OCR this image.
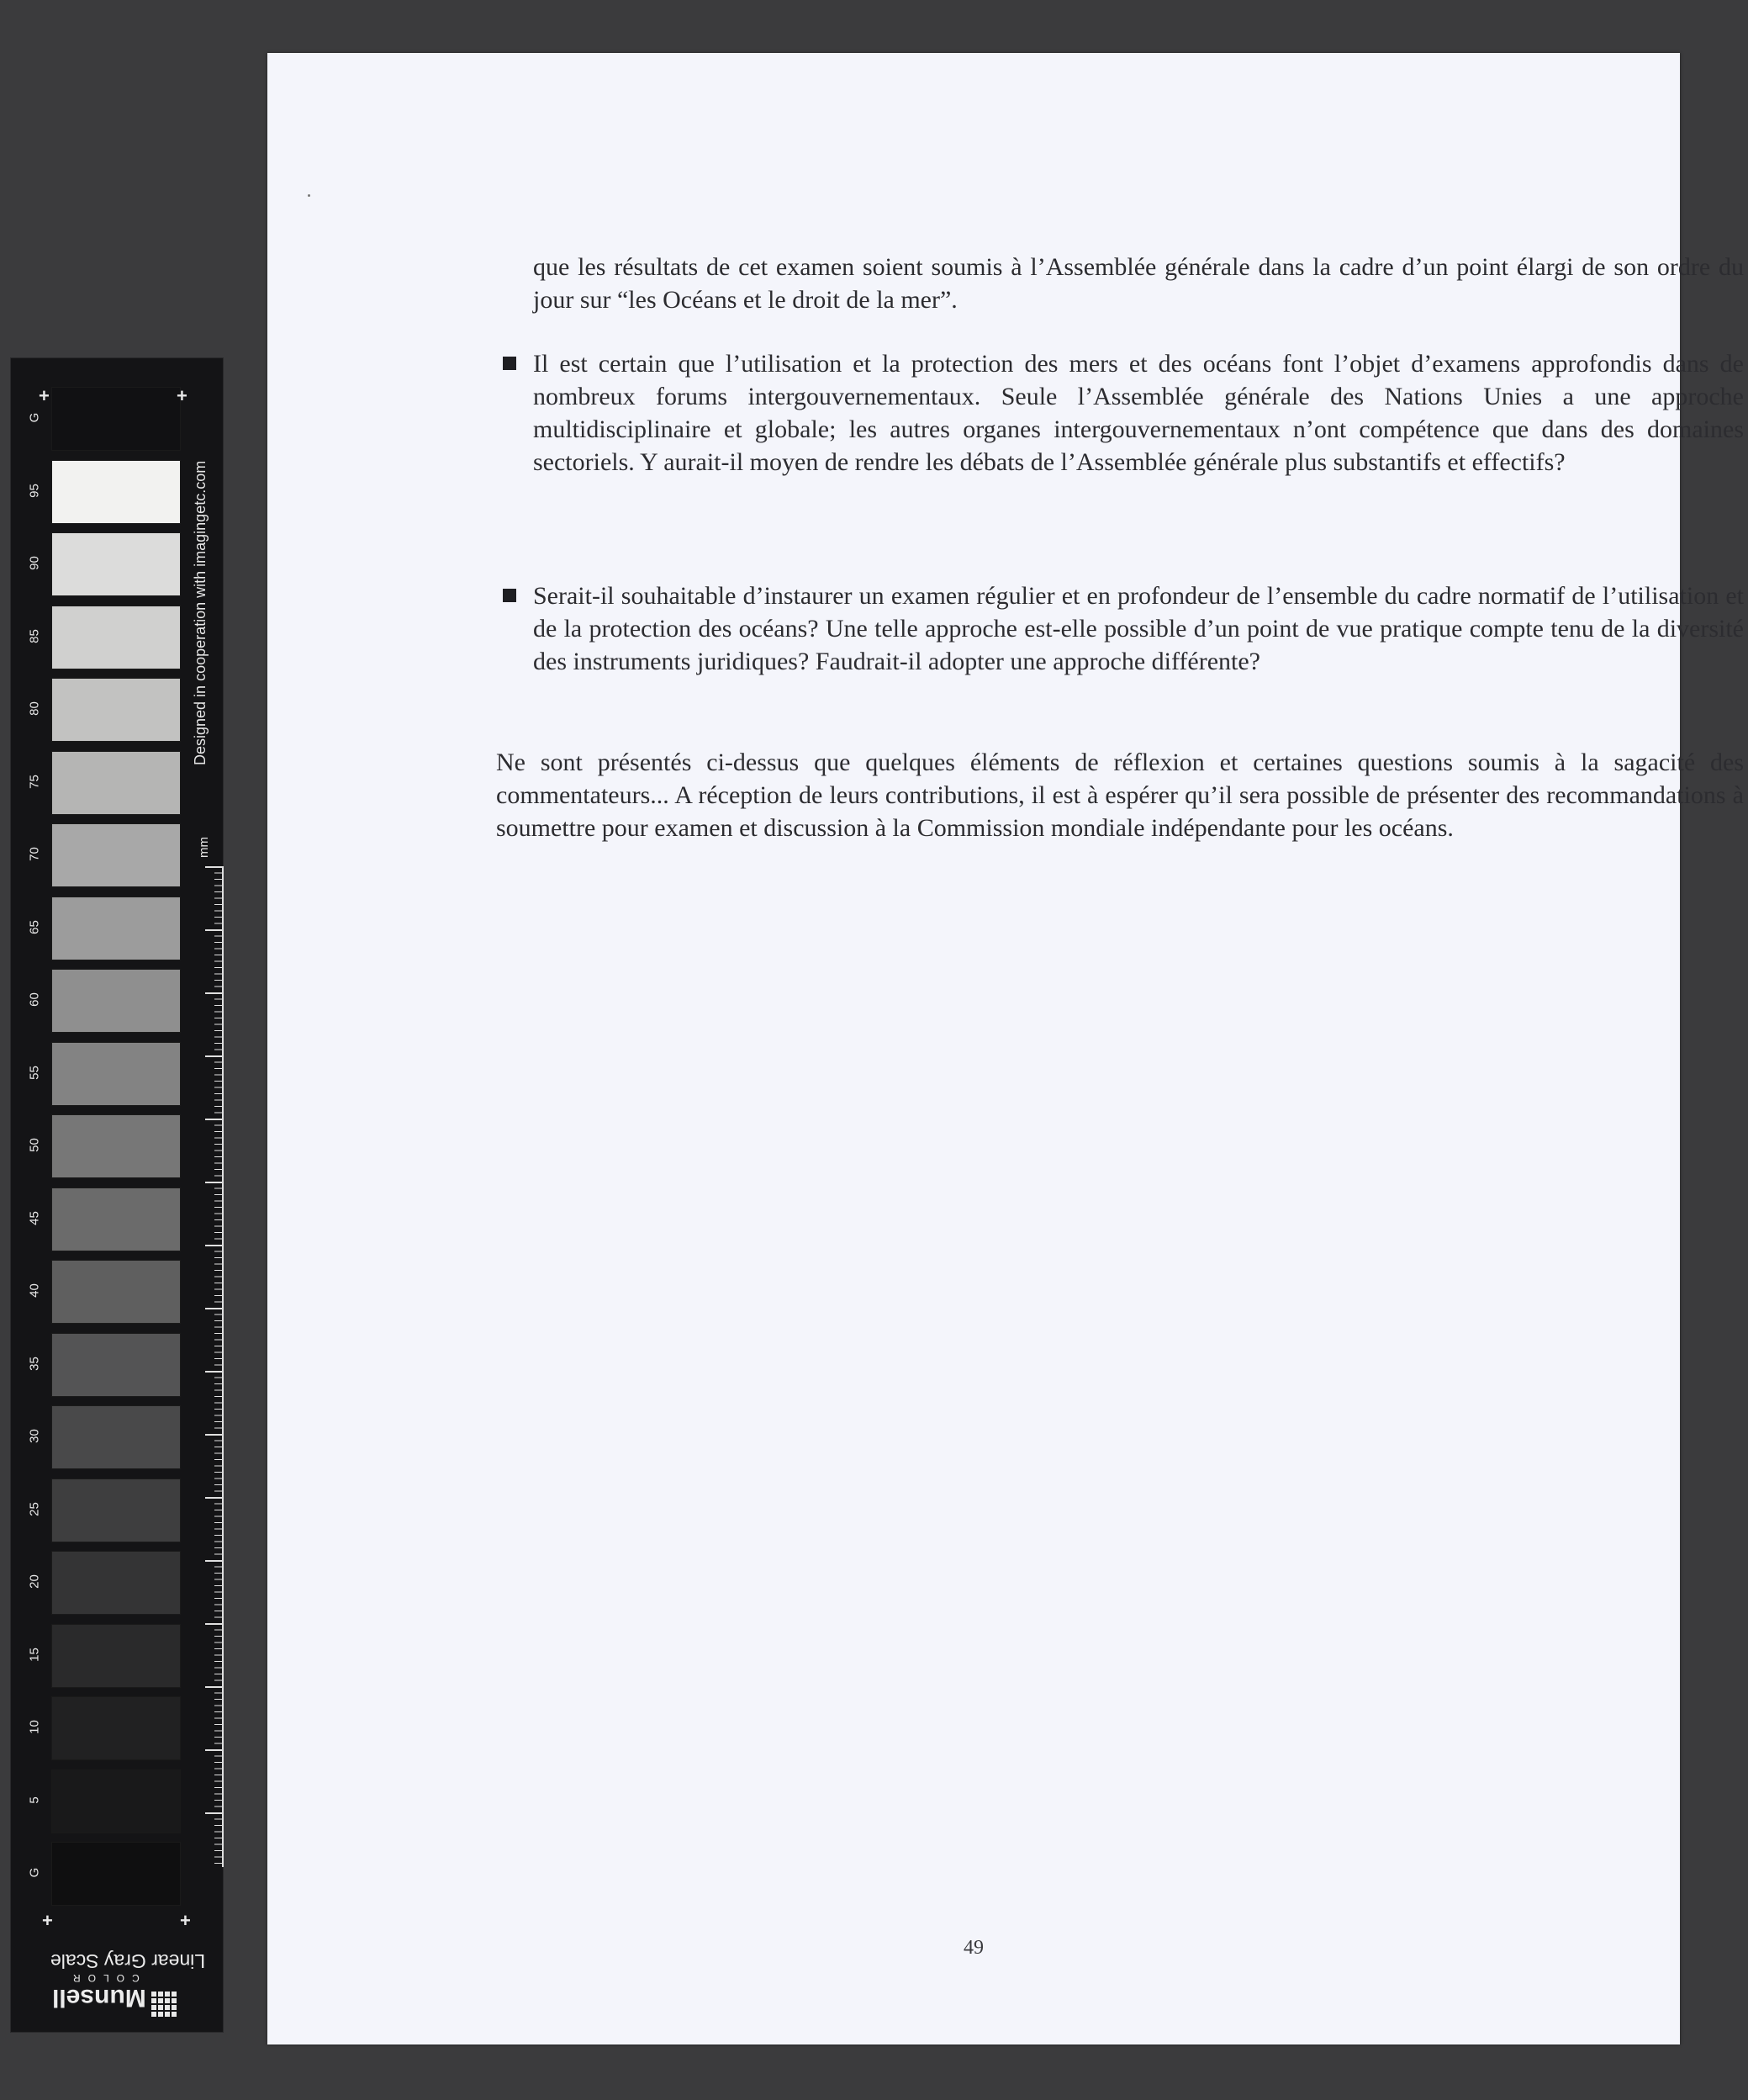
G
95
90
85
80
75
70
65
60
55
50
45
40
35
30
25
20
15
10
5
G
+	+
+	+
Designed in cooperation with imagingetc.com
mm
Linear Gray Scale
COLOR
Munsell

que les résultats de cet examen soient soumis à l’Assemblée générale dans la cadre d’un point élargi de son ordre du jour sur “les Océans et le droit de la mer”.

Il est certain que l’utilisation et la protection des mers et des océans font l’objet d’examens approfondis dans de nombreux forums intergouvernementaux. Seule l’Assemblée générale des Nations Unies a une approche multidisciplinaire et globale; les autres organes intergouvernementaux n’ont compétence que dans des domaines sectoriels. Y aurait-il moyen de rendre les débats de l’Assemblée générale plus substantifs et effectifs?

Serait-il souhaitable d’instaurer un examen régulier et en profondeur de l’ensemble du cadre normatif de l’utilisation et de la protection des océans? Une telle approche est-elle possible d’un point de vue pratique compte tenu de la diversité des instruments juridiques? Faudrait-il adopter une approche différente?

Ne sont présentés ci-dessus que quelques éléments de réflexion et certaines questions soumis à la sagacité des commentateurs... A réception de leurs contributions, il est à espérer qu’il sera possible de présenter des recommandations à soumettre pour examen et discussion à la Commission mondiale indépendante pour les océans.

49
